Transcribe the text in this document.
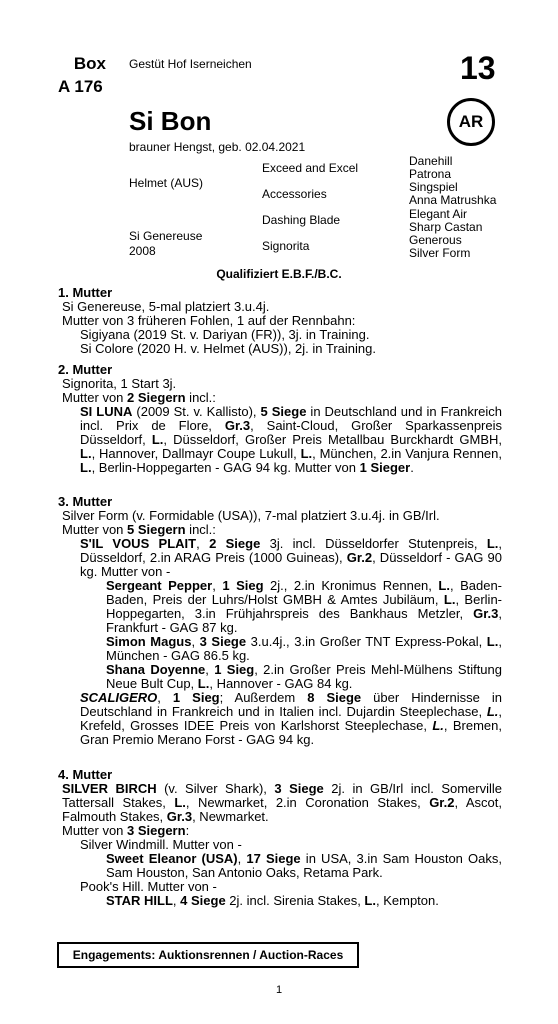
Box
A 176
Gestüt Hof Iserneichen	13
AR
Si Bon
brauner Hengst, geb. 02.04.2021
Helmet (AUS)
Si Genereuse
2008
Exceed and Excel
Accessories
Dashing Blade
Signorita
Danehill
Patrona
Singspiel
Anna Matrushka
Elegant Air
Sharp Castan
Generous
Silver Form
Qualifiziert E.B.F./B.C.

1. Mutter

Si Genereuse, 5-mal platziert 3.u.4j.

Mutter von 3 früheren Fohlen, 1 auf der Rennbahn:

Sigiyana (2019 St. v. Dariyan (FR)), 3j. in Training.

Si Colore (2020 H. v. Helmet (AUS)), 2j. in Training.

2. Mutter

Signorita, 1 Start 3j.

Mutter von 2 Siegern incl.:

SI LUNA (2009 St. v. Kallisto), 5 Siege in Deutschland und in Frankreich incl. Prix de Flore, Gr.3, Saint-Cloud, Großer Sparkassenpreis Düsseldorf, L., Düsseldorf, Großer Preis Metallbau Burckhardt GMBH, L., Hannover, Dallmayr Coupe Lukull, L., München, 2.in Vanjura Rennen, L., Berlin-Hoppegarten - GAG 94 kg. Mutter von 1 Sieger.

3. Mutter

Silver Form (v. Formidable (USA)), 7-mal platziert 3.u.4j. in GB/Irl.

Mutter von 5 Siegern incl.:

S'IL VOUS PLAIT, 2 Siege 3j. incl. Düsseldorfer Stutenpreis, L., Düsseldorf, 2.in ARAG Preis (1000 Guineas), Gr.2, Düsseldorf - GAG 90 kg. Mutter von -

Sergeant Pepper, 1 Sieg 2j., 2.in Kronimus Rennen, L., Baden-Baden, Preis der Luhrs/Holst GMBH & Amtes Jubiläum, L., Berlin-Hoppegarten, 3.in Frühjahrspreis des Bankhaus Metzler, Gr.3, Frankfurt - GAG 87 kg.

Simon Magus, 3 Siege 3.u.4j., 3.in Großer TNT Express-Pokal, L., München - GAG 86.5 kg.

Shana Doyenne, 1 Sieg, 2.in Großer Preis Mehl-Mülhens Stiftung Neue Bult Cup, L., Hannover - GAG 84 kg.

SCALIGERO, 1 Sieg; Außerdem 8 Siege über Hindernisse in Deutschland in Frankreich und in Italien incl. Dujardin Steeplechase, L., Krefeld, Grosses IDEE Preis von Karlshorst Steeplechase, L., Bremen, Gran Premio Merano Forst - GAG 94 kg.

4. Mutter

SILVER BIRCH (v. Silver Shark), 3 Siege 2j. in GB/Irl incl. Somerville Tattersall Stakes, L., Newmarket, 2.in Coronation Stakes, Gr.2, Ascot, Falmouth Stakes, Gr.3, Newmarket.

Mutter von 3 Siegern:

Silver Windmill. Mutter von -

Sweet Eleanor (USA), 17 Siege in USA, 3.in Sam Houston Oaks, Sam Houston, San Antonio Oaks, Retama Park.

Pook's Hill. Mutter von -

STAR HILL, 4 Siege 2j. incl. Sirenia Stakes, L., Kempton.

Engagements: Auktionsrennen / Auction-Races
1
